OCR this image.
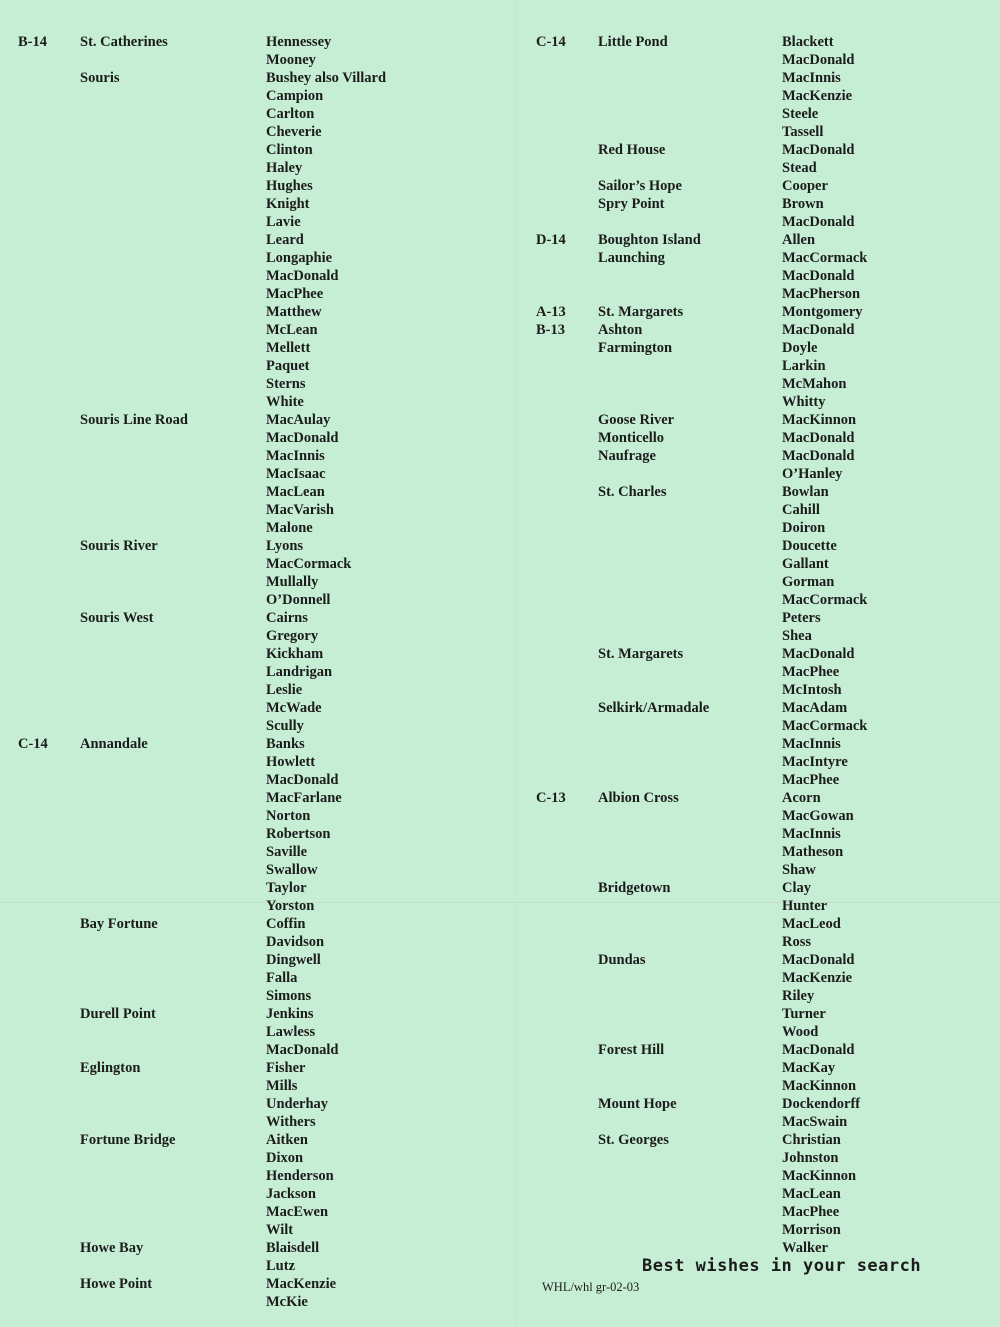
B-14	St. Catherines	Hennessey
Mooney
Souris	Bushey also Villard
Campion
Carlton
Cheverie
Clinton
Haley
Hughes
Knight
Lavie
Leard
Longaphie
MacDonald
MacPhee
Matthew
McLean
Mellett
Paquet
Sterns
White
Souris Line Road	MacAulay
MacDonald
MacInnis
MacIsaac
MacLean
MacVarish
Malone
Souris River	Lyons
MacCormack
Mullally
O’Donnell
Souris West	Cairns
Gregory
Kickham
Landrigan
Leslie
McWade
Scully
C-14	Annandale	Banks
Howlett
MacDonald
MacFarlane
Norton
Robertson
Saville
Swallow
Taylor
Yorston
Bay Fortune	Coffin
Davidson
Dingwell
Falla
Simons
Durell Point	Jenkins
Lawless
MacDonald
Eglington	Fisher
Mills
Underhay
Withers
Fortune Bridge	Aitken
Dixon
Henderson
Jackson
MacEwen
Wilt
Howe Bay	Blaisdell
Lutz
Howe Point	MacKenzie
McKie
C-14	Little Pond	Blackett
MacDonald
MacInnis
MacKenzie
Steele
Tassell
Red House	MacDonald
Stead
Sailor’s Hope	Cooper
Spry Point	Brown
MacDonald
D-14	Boughton Island	Allen
Launching	MacCormack
MacDonald
MacPherson
A-13	St. Margarets	Montgomery
B-13	Ashton	MacDonald
Farmington	Doyle
Larkin
McMahon
Whitty
Goose River	MacKinnon
Monticello	MacDonald
Naufrage	MacDonald
O’Hanley
St. Charles	Bowlan
Cahill
Doiron
Doucette
Gallant
Gorman
MacCormack
Peters
Shea
St. Margarets	MacDonald
MacPhee
McIntosh
Selkirk/Armadale	MacAdam
MacCormack
MacInnis
MacIntyre
MacPhee
C-13	Albion Cross	Acorn
MacGowan
MacInnis
Matheson
Shaw
Bridgetown	Clay
Hunter
MacLeod
Ross
Dundas	MacDonald
MacKenzie
Riley
Turner
Wood
Forest Hill	MacDonald
MacKay
MacKinnon
Mount Hope	Dockendorff
MacSwain
St. Georges	Christian
Johnston
MacKinnon
MacLean
MacPhee
Morrison
Walker
Best wishes in your search
WHL/whl gr-02-03
